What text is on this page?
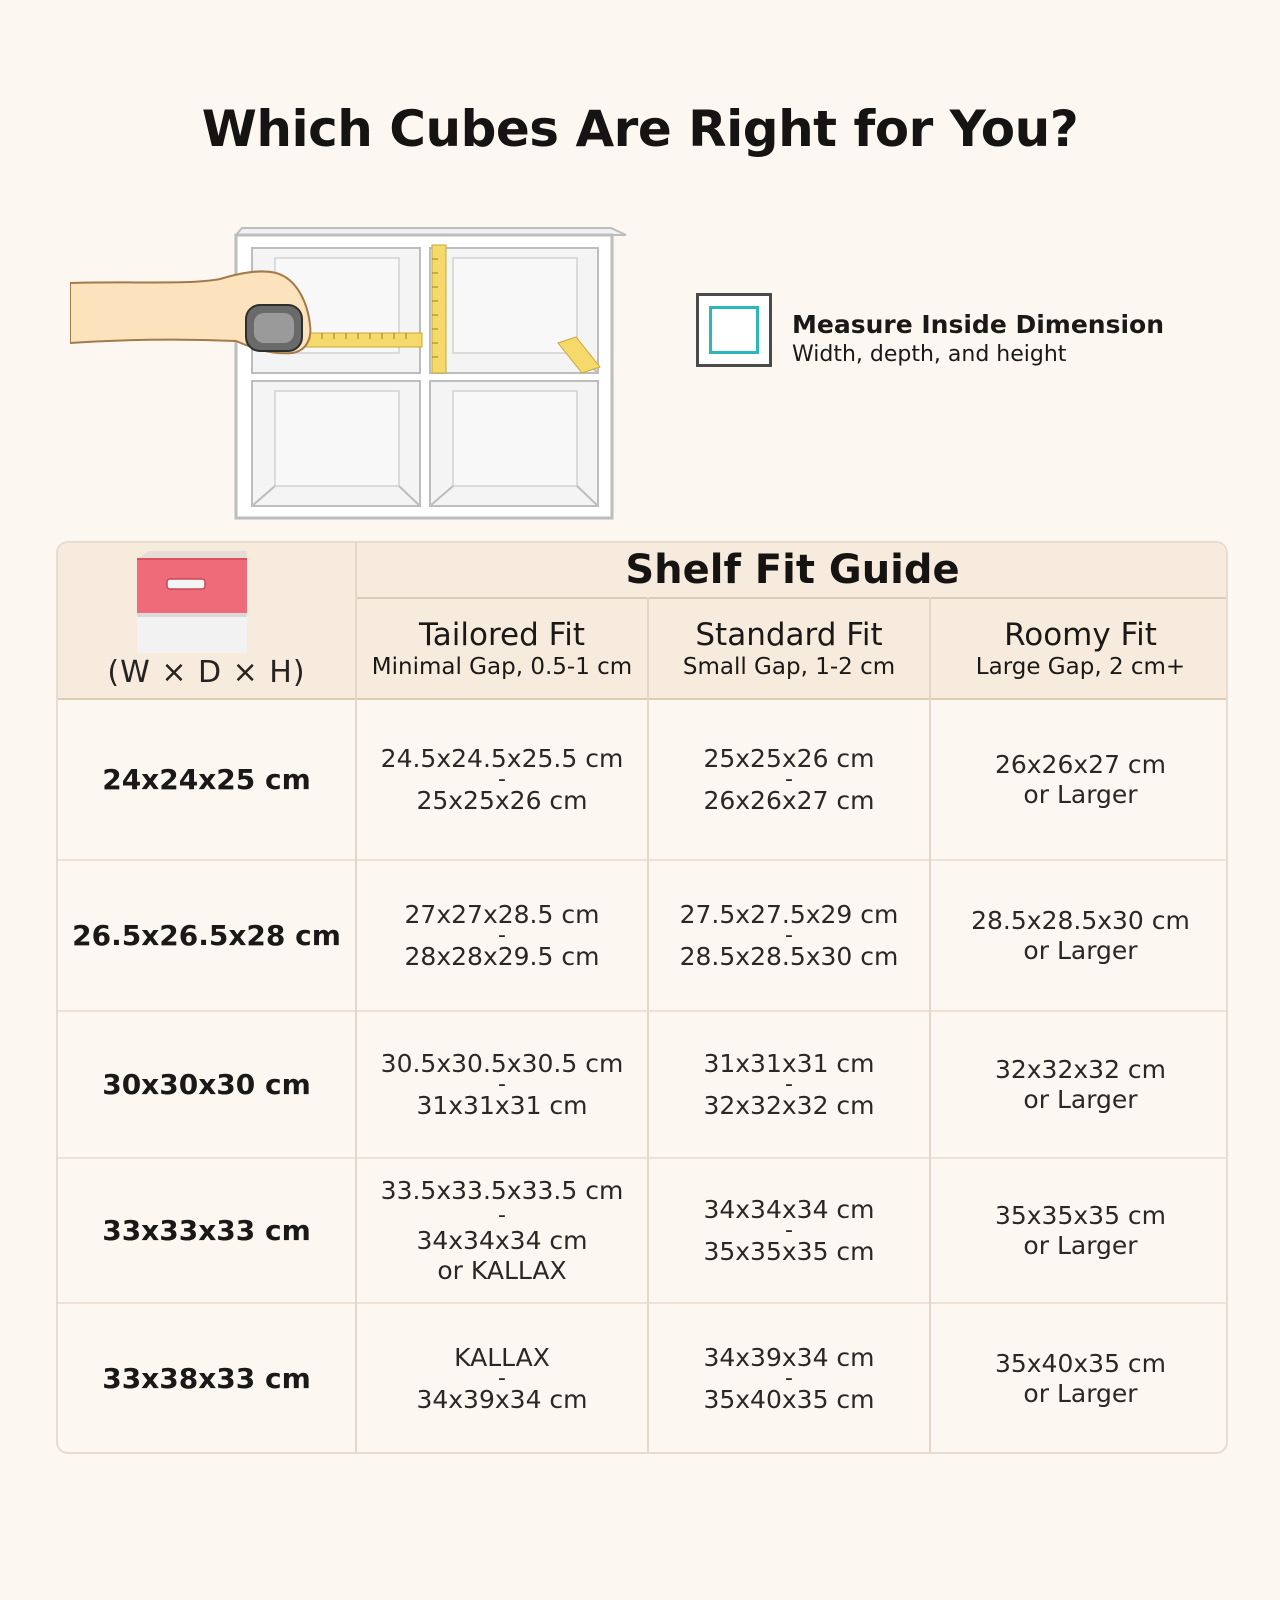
Which Cubes Are Right for You?
Measure Inside Dimension
Width, depth, and height
Shelf Fit Guide
(W × D × H)
Tailored Fit
Minimal Gap, 0.5-1 cm
Standard Fit
Small Gap, 1-2 cm
Roomy Fit
Large Gap, 2 cm+
24x24x25 cm
24.5x24.5x25.5 cm
-
25x25x26 cm
25x25x26 cm
-
26x26x27 cm
26x26x27 cm
or Larger
26.5x26.5x28 cm
27x27x28.5 cm
-
28x28x29.5 cm
27.5x27.5x29 cm
-
28.5x28.5x30 cm
28.5x28.5x30 cm
or Larger
30x30x30 cm
30.5x30.5x30.5 cm
-
31x31x31 cm
31x31x31 cm
-
32x32x32 cm
32x32x32 cm
or Larger
33x33x33 cm
33.5x33.5x33.5 cm
-
34x34x34 cm
or KALLAX
34x34x34 cm
-
35x35x35 cm
35x35x35 cm
or Larger
33x38x33 cm
KALLAX
-
34x39x34 cm
34x39x34 cm
-
35x40x35 cm
35x40x35 cm
or Larger
